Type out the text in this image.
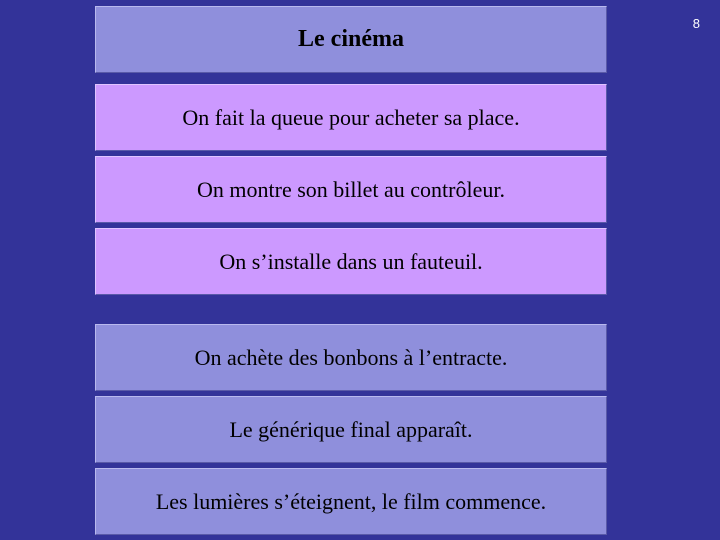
Le cinéma
On fait la queue pour acheter sa place.
On montre son billet au contrôleur.
On s’installe dans un fauteuil.
On achète des bonbons à l’entracte.
Le générique final apparaît.
Les lumières s’éteignent, le film commence.
8
